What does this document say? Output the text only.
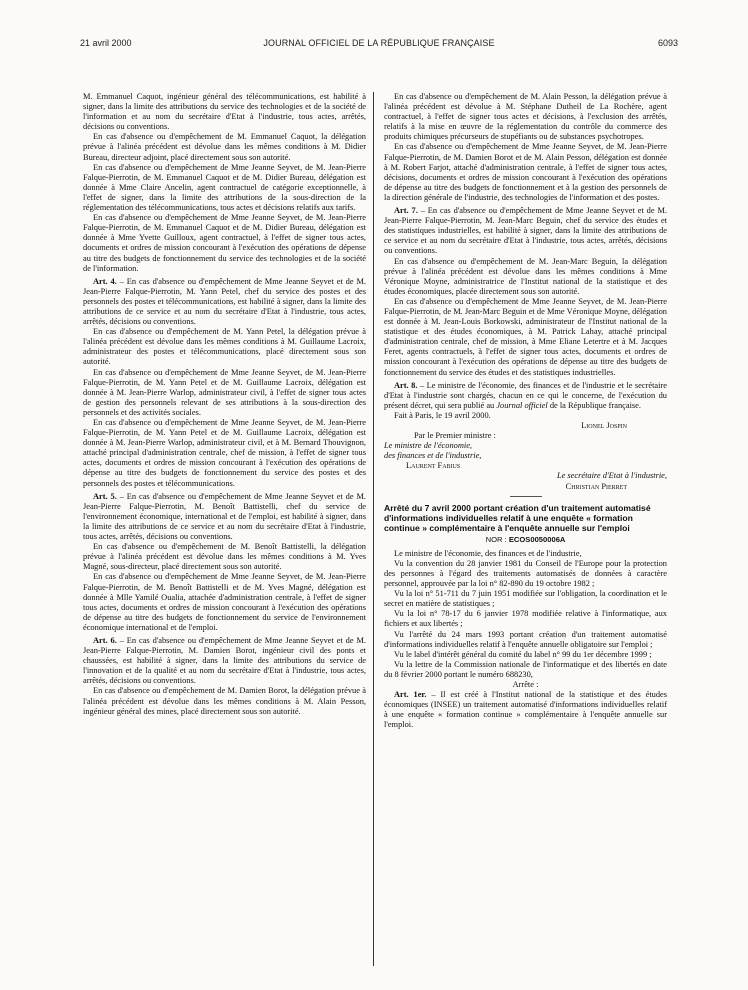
21 avril 2000	JOURNAL OFFICIEL DE LA RÉPUBLIQUE FRANÇAISE	6093

M. Emmanuel Caquot, ingénieur général des télécommunications, est habilité à signer, dans la limite des attributions du service des technologies et de la société de l'information et au nom du secrétaire d'Etat à l'industrie, tous actes, arrêtés, décisions ou conventions.

En cas d'absence ou d'empêchement de M. Emmanuel Caquot, la délégation prévue à l'alinéa précédent est dévolue dans les mêmes conditions à M. Didier Bureau, directeur adjoint, placé directement sous son autorité.

En cas d'absence ou d'empêchement de Mme Jeanne Seyvet, de M. Jean-Pierre Falque-Pierrotin, de M. Emmanuel Caquot et de M. Didier Bureau, délégation est donnée à Mme Claire Ancelin, agent contractuel de catégorie exceptionnelle, à l'effet de signer, dans la limite des attributions de la sous-direction de la réglementation des télécommunications, tous actes et décisions relatifs aux tarifs.

En cas d'absence ou d'empêchement de Mme Jeanne Seyvet, de M. Jean-Pierre Falque-Pierrotin, de M. Emmanuel Caquot et de M. Didier Bureau, délégation est donnée à Mme Yvette Guilloux, agent contractuel, à l'effet de signer tous actes, documents et ordres de mission concourant à l'exécution des opérations de dépense au titre des budgets de fonctionnement du service des technologies et de la société de l'information.

Art. 4. – En cas d'absence ou d'empêchement de Mme Jeanne Seyvet et de M. Jean-Pierre Falque-Pierrotin, M. Yann Petel, chef du service des postes et des personnels des postes et télécommunications, est habilité à signer, dans la limite des attributions de ce service et au nom du secrétaire d'Etat à l'industrie, tous actes, arrêtés, décisions ou conventions.

En cas d'absence ou d'empêchement de M. Yann Petel, la délégation prévue à l'alinéa précédent est dévolue dans les mêmes conditions à M. Guillaume Lacroix, administrateur des postes et télécommunications, placé directement sous son autorité.

En cas d'absence ou d'empêchement de Mme Jeanne Seyvet, de M. Jean-Pierre Falque-Pierrotin, de M. Yann Petel et de M. Guillaume Lacroix, délégation est donnée à M. Jean-Pierre Warlop, administrateur civil, à l'effet de signer tous actes de gestion des personnels relevant de ses attributions à la sous-direction des personnels et des activités sociales.

En cas d'absence ou d'empêchement de Mme Jeanne Seyvet, de M. Jean-Pierre Falque-Pierrotin, de M. Yann Petel et de M. Guillaume Lacroix, délégation est donnée à M. Jean-Pierre Warlop, administrateur civil, et à M. Bernard Thouvignon, attaché principal d'administration centrale, chef de mission, à l'effet de signer tous actes, documents et ordres de mission concourant à l'exécution des opérations de dépense au titre des budgets de fonctionnement du service des postes et des personnels des postes et télécommunications.

Art. 5. – En cas d'absence ou d'empêchement de Mme Jeanne Seyvet et de M. Jean-Pierre Falque-Pierrotin, M. Benoît Battistelli, chef du service de l'environnement économique, international et de l'emploi, est habilité à signer, dans la limite des attributions de ce service et au nom du secrétaire d'Etat à l'industrie, tous actes, arrêtés, décisions ou conventions.

En cas d'absence ou d'empêchement de M. Benoît Battistelli, la délégation prévue à l'alinéa précédent est dévolue dans les mêmes conditions à M. Yves Magné, sous-directeur, placé directement sous son autorité.

En cas d'absence ou d'empêchement de Mme Jeanne Seyvet, de M. Jean-Pierre Falque-Pierrotin, de M. Benoît Battistelli et de M. Yves Magné, délégation est donnée à Mlle Yamilé Oualia, attachée d'administration centrale, à l'effet de signer tous actes, documents et ordres de mission concourant à l'exécution des opérations de dépense au titre des budgets de fonctionnement du service de l'environnement économique international et de l'emploi.

Art. 6. – En cas d'absence ou d'empêchement de Mme Jeanne Seyvet et de M. Jean-Pierre Falque-Pierrotin, M. Damien Borot, ingénieur civil des ponts et chaussées, est habilité à signer, dans la limite des attributions du service de l'innovation et de la qualité et au nom du secrétaire d'Etat à l'industrie, tous actes, arrêtés, décisions ou conventions.

En cas d'absence ou d'empêchement de M. Damien Borot, la délégation prévue à l'alinéa précédent est dévolue dans les mêmes conditions à M. Alain Pesson, ingénieur général des mines, placé directement sous son autorité.

En cas d'absence ou d'empêchement de M. Alain Pesson, la délégation prévue à l'alinéa précédent est dévolue à M. Stéphane Dutheil de La Rochère, agent contractuel, à l'effet de signer tous actes et décisions, à l'exclusion des arrêtés, relatifs à la mise en œuvre de la réglementation du contrôle du commerce des produits chimiques précurseurs de stupéfiants ou de substances psychotropes.

En cas d'absence ou d'empêchement de Mme Jeanne Seyvet, de M. Jean-Pierre Falque-Pierrotin, de M. Damien Borot et de M. Alain Pesson, délégation est donnée à M. Robert Farjot, attaché d'administration centrale, à l'effet de signer tous actes, décisions, documents et ordres de mission concourant à l'exécution des opérations de dépense au titre des budgets de fonctionnement et à la gestion des personnels de la direction générale de l'industrie, des technologies de l'information et des postes.

Art. 7. – En cas d'absence ou d'empêchement de Mme Jeanne Seyvet et de M. Jean-Pierre Falque-Pierrotin, M. Jean-Marc Beguin, chef du service des études et des statistiques industrielles, est habilité à signer, dans la limite des attributions de ce service et au nom du secrétaire d'Etat à l'industrie, tous actes, arrêtés, décisions ou conventions.

En cas d'absence ou d'empêchement de M. Jean-Marc Beguin, la délégation prévue à l'alinéa précédent est dévolue dans les mêmes conditions à Mme Véronique Moyne, administratrice de l'Institut national de la statistique et des études économiques, placée directement sous son autorité.

En cas d'absence ou d'empêchement de Mme Jeanne Seyvet, de M. Jean-Pierre Falque-Pierrotin, de M. Jean-Marc Beguin et de Mme Véronique Moyne, délégation est donnée à M. Jean-Louis Borkowski, administrateur de l'Institut national de la statistique et des études économiques, à M. Patrick Lahay, attaché principal d'administration centrale, chef de mission, à Mme Eliane Letertre et à M. Jacques Feret, agents contractuels, à l'effet de signer tous actes, documents et ordres de mission concourant à l'exécution des opérations de dépense au titre des budgets de fonctionnement du service des études et des statistiques industrielles.

Art. 8. – Le ministre de l'économie, des finances et de l'industrie et le secrétaire d'Etat à l'industrie sont chargés, chacun en ce qui le concerne, de l'exécution du présent décret, qui sera publié au Journal officiel de la République française.

Fait à Paris, le 19 avril 2000.

Lionel Jospin

Par le Premier ministre :

Le ministre de l'économie,

des finances et de l'industrie,

Laurent Fabius

Le secrétaire d'Etat à l'industrie,

Christian Pierret

Arrêté du 7 avril 2000 portant création d'un traitement automatisé d'informations individuelles relatif à une enquête « formation continue » complémentaire à l'enquête annuelle sur l'emploi

NOR : ECOS0050006A

Le ministre de l'économie, des finances et de l'industrie,

Vu la convention du 28 janvier 1981 du Conseil de l'Europe pour la protection des personnes à l'égard des traitements automatisés de données à caractère personnel, approuvée par la loi n° 82-890 du 19 octobre 1982 ;

Vu la loi n° 51-711 du 7 juin 1951 modifiée sur l'obligation, la coordination et le secret en matière de statistiques ;

Vu la loi n° 78-17 du 6 janvier 1978 modifiée relative à l'informatique, aux fichiers et aux libertés ;

Vu l'arrêté du 24 mars 1993 portant création d'un traitement automatisé d'informations individuelles relatif à l'enquête annuelle obligatoire sur l'emploi ;

Vu le label d'intérêt général du comité du label n° 99 du 1er décembre 1999 ;

Vu la lettre de la Commission nationale de l'informatique et des libertés en date du 8 février 2000 portant le numéro 688230,

Arrête :

Art. 1er. – Il est créé à l'Institut national de la statistique et des études économiques (INSEE) un traitement automatisé d'informations individuelles relatif à une enquête « formation continue » complémentaire à l'enquête annuelle sur l'emploi.
